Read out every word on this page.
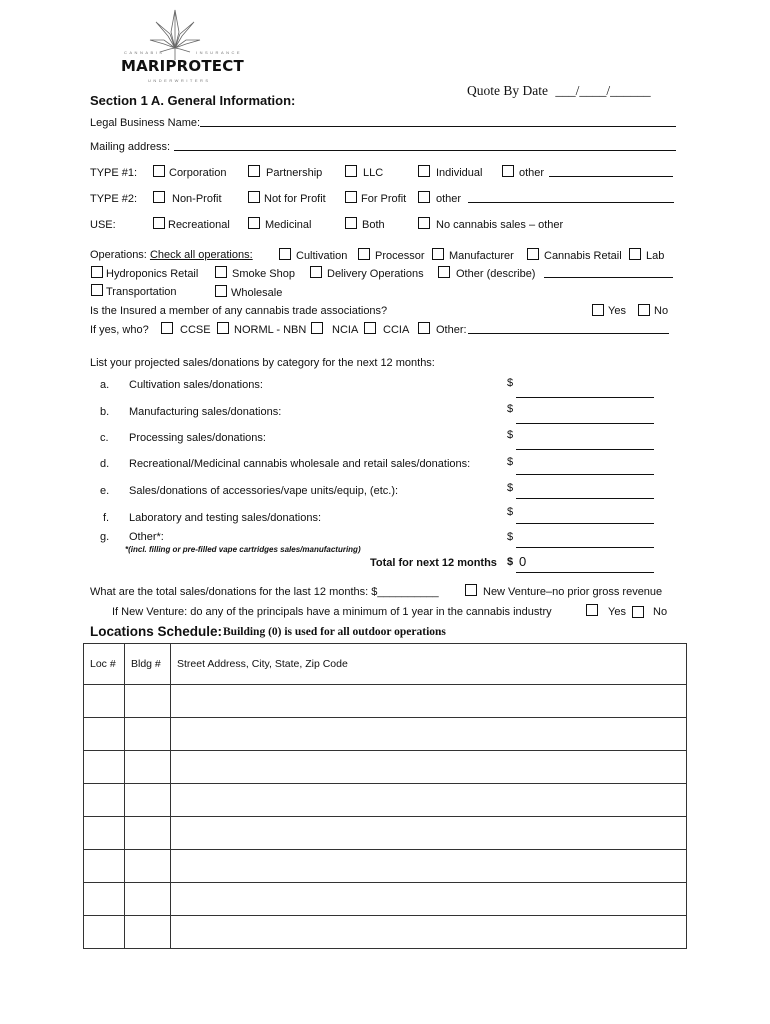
CANNABIS	INSURANCE
MARIPROTECT
UNDERWRITERS
Quote By Date ___/____/______
Section 1 A. General Information:
Legal Business Name:
Mailing address:
TYPE #1:	Corporation	Partnership	LLC	Individual	other
TYPE #2:	Non-Profit	Not for Profit	For Profit	other
USE:	Recreational	Medicinal	Both	No cannabis sales – other
Operations: Check all operations:	Cultivation	Processor Manufacturer	Cannabis Retail Lab
Hydroponics Retail	Smoke Shop	Delivery Operations	Other (describe)
Transportation	Wholesale
Is the Insured a member of any cannabis trade associations?	Yes	No
If yes, who?	CCSE NORML - NBN NCIA CCIA Other:
List your projected sales/donations by category for the next 12 months:
a. Cultivation sales/donations:	$
b. Manufacturing sales/donations:	$
c. Processing sales/donations:	$
d. Recreational/Medicinal cannabis wholesale and retail sales/donations:	$
e. Sales/donations of accessories/vape units/equip, (etc.):	$
f. Laboratory and testing sales/donations:	$
g. Other*:	$
*(incl. filling or pre-filled vape cartridges sales/manufacturing)
Total for next 12 months $ 0
What are the total sales/donations for the last 12 months: $__________	New Venture–no prior gross revenue
If New Venture: do any of the principals have a minimum of 1 year in the cannabis industry	Yes No
Locations Schedule: Building (0) is used for all outdoor operations
Loc #	Bldg #	Street Address, City, State, Zip Code
